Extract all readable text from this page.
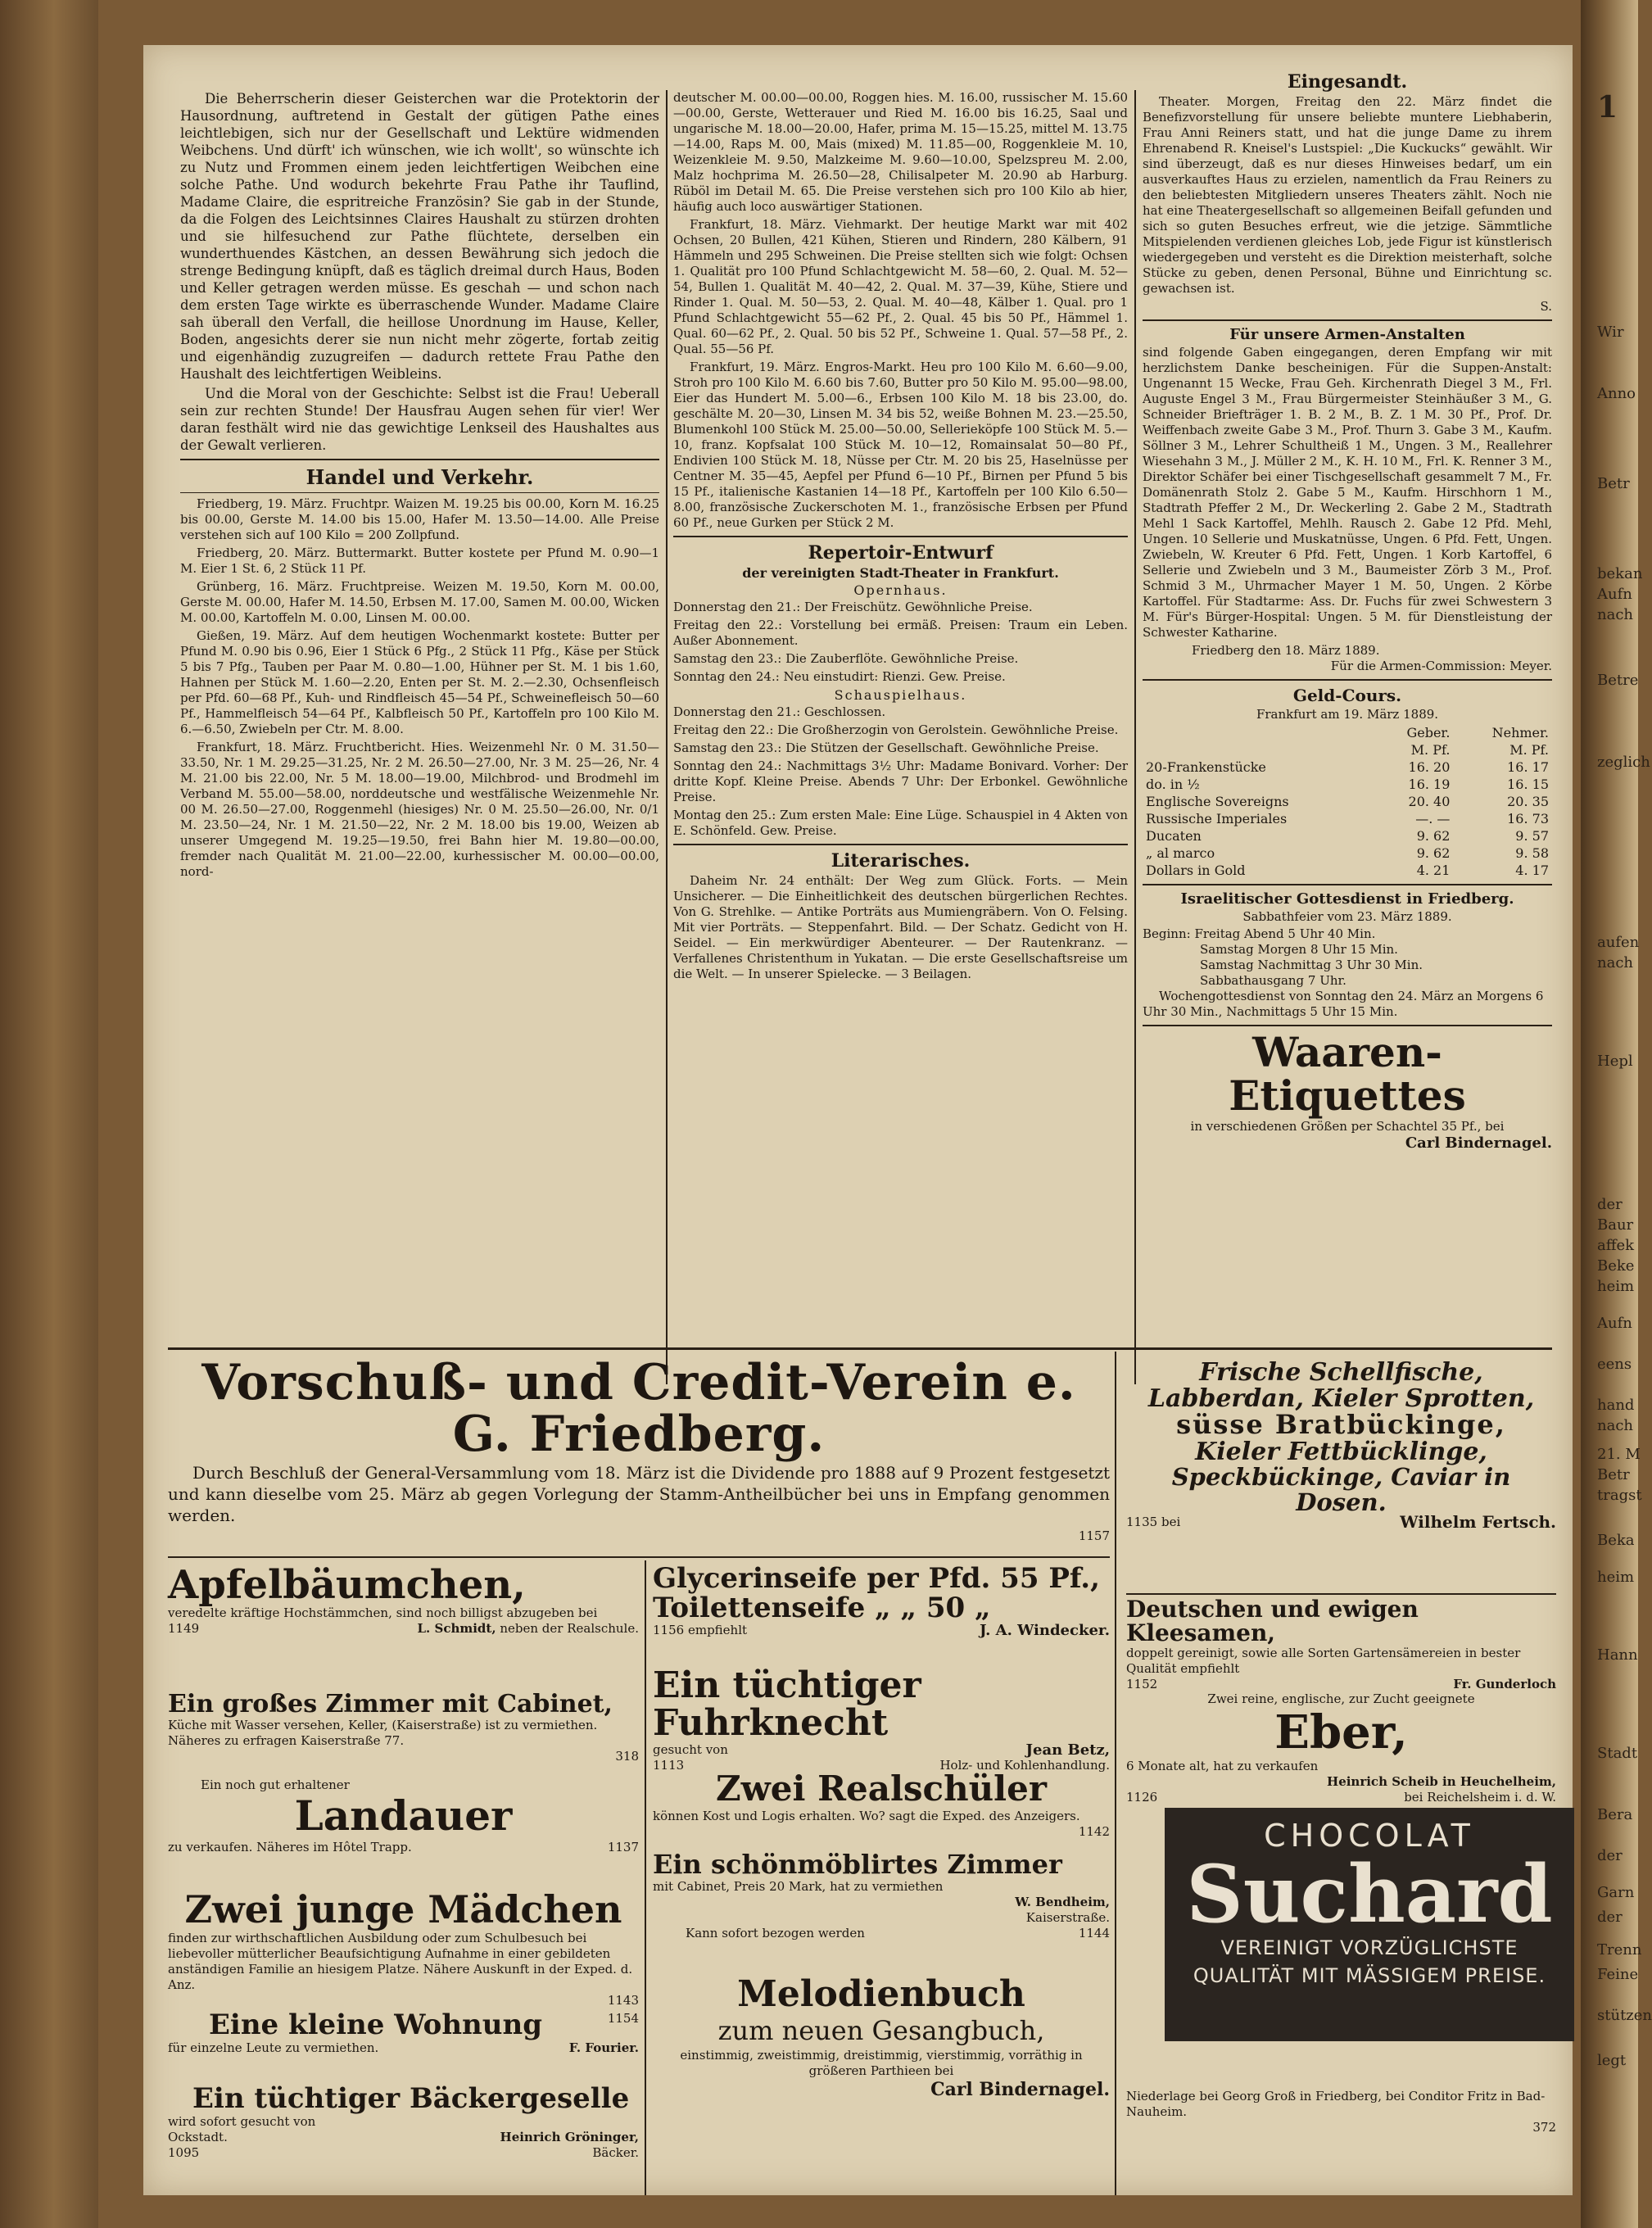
Die Beherrscherin dieser Geisterchen war die Protektorin der Hausordnung, auftretend in Gestalt der gütigen Pathe eines leichtlebigen, sich nur der Gesellschaft und Lektüre widmenden Weibchens. Und dürft' ich wünschen, wie ich wollt', so wünschte ich zu Nutz und Frommen einem jeden leichtfertigen Weibchen eine solche Pathe. Und wodurch bekehrte Frau Pathe ihr Tauflind, Madame Claire, die espritreiche Französin? Sie gab in der Stunde, da die Folgen des Leichtsinnes Claires Haushalt zu stürzen drohten und sie hilfesuchend zur Pathe flüchtete, derselben ein wunderthuendes Kästchen, an dessen Bewährung sich jedoch die strenge Bedingung knüpft, daß es täglich dreimal durch Haus, Boden und Keller getragen werden müsse. Es geschah — und schon nach dem ersten Tage wirkte es überraschende Wunder. Madame Claire sah überall den Verfall, die heillose Unordnung im Hause, Keller, Boden, angesichts derer sie nun nicht mehr zögerte, fortab zeitig und eigenhändig zuzugreifen — dadurch rettete Frau Pathe den Haushalt des leichtfertigen Weibleins.

Und die Moral von der Geschichte: Selbst ist die Frau! Ueberall sein zur rechten Stunde! Der Hausfrau Augen sehen für vier! Wer daran festhält wird nie das gewichtige Lenkseil des Haushaltes aus der Gewalt verlieren.

Handel und Verkehr.

Friedberg, 19. März. Fruchtpr. Waizen M. 19.25 bis 00.00, Korn M. 16.25 bis 00.00, Gerste M. 14.00 bis 15.00, Hafer M. 13.50—14.00. Alle Preise verstehen sich auf 100 Kilo = 200 Zollpfund.

Friedberg, 20. März. Buttermarkt. Butter kostete per Pfund M. 0.90—1 M. Eier 1 St. 6, 2 Stück 11 Pf.

Grünberg, 16. März. Fruchtpreise. Weizen M. 19.50, Korn M. 00.00, Gerste M. 00.00, Hafer M. 14.50, Erbsen M. 17.00, Samen M. 00.00, Wicken M. 00.00, Kartoffeln M. 0.00, Linsen M. 00.00.

Gießen, 19. März. Auf dem heutigen Wochenmarkt kostete: Butter per Pfund M. 0.90 bis 0.96, Eier 1 Stück 6 Pfg., 2 Stück 11 Pfg., Käse per Stück 5 bis 7 Pfg., Tauben per Paar M. 0.80—1.00, Hühner per St. M. 1 bis 1.60, Hahnen per Stück M. 1.60—2.20, Enten per St. M. 2.—2.30, Ochsenfleisch per Pfd. 60—68 Pf., Kuh- und Rindfleisch 45—54 Pf., Schweinefleisch 50—60 Pf., Hammelfleisch 54—64 Pf., Kalbfleisch 50 Pf., Kartoffeln pro 100 Kilo M. 6.—6.50, Zwiebeln per Ctr. M. 8.00.

Frankfurt, 18. März. Fruchtbericht. Hies. Weizenmehl Nr. 0 M. 31.50—33.50, Nr. 1 M. 29.25—31.25, Nr. 2 M. 26.50—27.00, Nr. 3 M. 25—26, Nr. 4 M. 21.00 bis 22.00, Nr. 5 M. 18.00—19.00, Milchbrod- und Brodmehl im Verband M. 55.00—58.00, norddeutsche und westfälische Weizenmehle Nr. 00 M. 26.50—27.00, Roggenmehl (hiesiges) Nr. 0 M. 25.50—26.00, Nr. 0/1 M. 23.50—24, Nr. 1 M. 21.50—22, Nr. 2 M. 18.00 bis 19.00, Weizen ab unserer Umgegend M. 19.25—19.50, frei Bahn hier M. 19.80—00.00, fremder nach Qualität M. 21.00—22.00, kurhessischer M. 00.00—00.00, nord-

deutscher M. 00.00—00.00, Roggen hies. M. 16.00, russischer M. 15.60—00.00, Gerste, Wetterauer und Ried M. 16.00 bis 16.25, Saal und ungarische M. 18.00—20.00, Hafer, prima M. 15—15.25, mittel M. 13.75—14.00, Raps M. 00, Mais (mixed) M. 11.85—00, Roggenkleie M. 10, Weizenkleie M. 9.50, Malzkeime M. 9.60—10.00, Spelzspreu M. 2.00, Malz hochprima M. 26.50—28, Chilisalpeter M. 20.90 ab Harburg. Rüböl im Detail M. 65. Die Preise verstehen sich pro 100 Kilo ab hier, häufig auch loco auswärtiger Stationen.

Frankfurt, 18. März. Viehmarkt. Der heutige Markt war mit 402 Ochsen, 20 Bullen, 421 Kühen, Stieren und Rindern, 280 Kälbern, 91 Hämmeln und 295 Schweinen. Die Preise stellten sich wie folgt: Ochsen 1. Qualität pro 100 Pfund Schlachtgewicht M. 58—60, 2. Qual. M. 52—54, Bullen 1. Qualität M. 40—42, 2. Qual. M. 37—39, Kühe, Stiere und Rinder 1. Qual. M. 50—53, 2. Qual. M. 40—48, Kälber 1. Qual. pro 1 Pfund Schlachtgewicht 55—62 Pf., 2. Qual. 45 bis 50 Pf., Hämmel 1. Qual. 60—62 Pf., 2. Qual. 50 bis 52 Pf., Schweine 1. Qual. 57—58 Pf., 2. Qual. 55—56 Pf.

Frankfurt, 19. März. Engros-Markt. Heu pro 100 Kilo M. 6.60—9.00, Stroh pro 100 Kilo M. 6.60 bis 7.60, Butter pro 50 Kilo M. 95.00—98.00, Eier das Hundert M. 5.00—6., Erbsen 100 Kilo M. 18 bis 23.00, do. geschälte M. 20—30, Linsen M. 34 bis 52, weiße Bohnen M. 23.—25.50, Blumenkohl 100 Stück M. 25.00—50.00, Sellerieköpfe 100 Stück M. 5.—10, franz. Kopfsalat 100 Stück M. 10—12, Romainsalat 50—80 Pf., Endivien 100 Stück M. 18, Nüsse per Ctr. M. 20 bis 25, Haselnüsse per Centner M. 35—45, Aepfel per Pfund 6—10 Pf., Birnen per Pfund 5 bis 15 Pf., italienische Kastanien 14—18 Pf., Kartoffeln per 100 Kilo 6.50—8.00, französische Zuckerschoten M. 1., französische Erbsen per Pfund 60 Pf., neue Gurken per Stück 2 M.

Repertoir-Entwurf
der vereinigten Stadt-Theater in Frankfurt.
Opernhaus.

Donnerstag den 21.: Der Freischütz. Gewöhnliche Preise.

Freitag den 22.: Vorstellung bei ermäß. Preisen: Traum ein Leben. Außer Abonnement.

Samstag den 23.: Die Zauberflöte. Gewöhnliche Preise.

Sonntag den 24.: Neu einstudirt: Rienzi. Gew. Preise.

Schauspielhaus.

Donnerstag den 21.: Geschlossen.

Freitag den 22.: Die Großherzogin von Gerolstein. Gewöhnliche Preise.

Samstag den 23.: Die Stützen der Gesellschaft. Gewöhnliche Preise.

Sonntag den 24.: Nachmittags 3½ Uhr: Madame Bonivard. Vorher: Der dritte Kopf. Kleine Preise. Abends 7 Uhr: Der Erbonkel. Gewöhnliche Preise.

Montag den 25.: Zum ersten Male: Eine Lüge. Schauspiel in 4 Akten von E. Schönfeld. Gew. Preise.

Literarisches.

Daheim Nr. 24 enthält: Der Weg zum Glück. Forts. — Mein Unsicherer. — Die Einheitlichkeit des deutschen bürgerlichen Rechtes. Von G. Strehlke. — Antike Porträts aus Mumiengräbern. Von O. Felsing. Mit vier Porträts. — Steppenfahrt. Bild. — Der Schatz. Gedicht von H. Seidel. — Ein merkwürdiger Abenteurer. — Der Rautenkranz. — Verfallenes Christenthum in Yukatan. — Die erste Gesellschaftsreise um die Welt. — In unserer Spielecke. — 3 Beilagen.

Eingesandt.

Theater. Morgen, Freitag den 22. März findet die Benefizvorstellung für unsere beliebte muntere Liebhaberin, Frau Anni Reiners statt, und hat die junge Dame zu ihrem Ehrenabend R. Kneisel's Lustspiel: „Die Kuckucks“ gewählt. Wir sind überzeugt, daß es nur dieses Hinweises bedarf, um ein ausverkauftes Haus zu erzielen, namentlich da Frau Reiners zu den beliebtesten Mitgliedern unseres Theaters zählt. Noch nie hat eine Theatergesellschaft so allgemeinen Beifall gefunden und sich so guten Besuches erfreut, wie die jetzige. Sämmtliche Mitspielenden verdienen gleiches Lob, jede Figur ist künstlerisch wiedergegeben und versteht es die Direktion meisterhaft, solche Stücke zu geben, denen Personal, Bühne und Einrichtung sc. gewachsen ist.

S.
Für unsere Armen-Anstalten

sind folgende Gaben eingegangen, deren Empfang wir mit herzlichstem Danke bescheinigen. Für die Suppen-Anstalt: Ungenannt 15 Wecke, Frau Geh. Kirchenrath Diegel 3 M., Frl. Auguste Engel 3 M., Frau Bürgermeister Steinhäußer 3 M., G. Schneider Briefträger 1. B. 2 M., B. Z. 1 M. 30 Pf., Prof. Dr. Weiffenbach zweite Gabe 3 M., Prof. Thurn 3. Gabe 3 M., Kaufm. Söllner 3 M., Lehrer Schultheiß 1 M., Ungen. 3 M., Reallehrer Wiesehahn 3 M., J. Müller 2 M., K. H. 10 M., Frl. K. Renner 3 M., Direktor Schäfer bei einer Tischgesellschaft gesammelt 7 M., Fr. Domänenrath Stolz 2. Gabe 5 M., Kaufm. Hirschhorn 1 M., Stadtrath Pfeffer 2 M., Dr. Weckerling 2. Gabe 2 M., Stadtrath Mehl 1 Sack Kartoffel, Mehlh. Rausch 2. Gabe 12 Pfd. Mehl, Ungen. 10 Sellerie und Muskatnüsse, Ungen. 6 Pfd. Fett, Ungen. Zwiebeln, W. Kreuter 6 Pfd. Fett, Ungen. 1 Korb Kartoffel, 6 Sellerie und Zwiebeln und 3 M., Baumeister Zörb 3 M., Prof. Schmid 3 M., Uhrmacher Mayer 1 M. 50, Ungen. 2 Körbe Kartoffel. Für Stadtarme: Ass. Dr. Fuchs für zwei Schwestern 3 M. Für's Bürger-Hospital: Ungen. 5 M. für Dienstleistung der Schwester Katharine.

Friedberg den 18. März 1889.
Für die Armen-Commission: Meyer.
Geld-Cours.
Frankfurt am 19. März 1889.
	Geber.	Nehmer.
	M. Pf.	M. Pf.
20-Frankenstücke	16. 20	16. 17
do. in ½	16. 19	16. 15
Englische Sovereigns	20. 40	20. 35
Russische Imperiales	—. —	16. 73
Ducaten	9. 62	9. 57
„ al marco	9. 62	9. 58
Dollars in Gold	4. 21	4. 17
Israelitischer Gottesdienst in Friedberg.
Sabbathfeier vom 23. März 1889.
Beginn: Freitag Abend 5 Uhr 40 Min.
Samstag Morgen 8 Uhr 15 Min.
Samstag Nachmittag 3 Uhr 30 Min.
Sabbathausgang 7 Uhr.
Wochengottesdienst von Sonntag den 24. März an Morgens 6 Uhr 30 Min., Nachmittags 5 Uhr 15 Min.
Waaren-Etiquettes
in verschiedenen Größen per Schachtel 35 Pf., bei
Carl Bindernagel.
Vorschuß- und Credit-Verein e. G. Friedberg.

Durch Beschluß der General-Versammlung vom 18. März ist die Dividende pro 1888 auf 9 Prozent festgesetzt und kann dieselbe vom 25. März ab gegen Vorlegung der Stamm-Antheilbücher bei uns in Empfang genommen werden.

1157
Apfelbäumchen,
veredelte kräftige Hochstämmchen, sind noch billigst abzugeben bei
1149	L. Schmidt, neben der Realschule.
Ein großes Zimmer mit Cabinet,
Küche mit Wasser versehen, Keller, (Kaiserstraße) ist zu vermiethen. Näheres zu erfragen Kaiserstraße 77.
318
Ein noch gut erhaltener
Landauer
zu verkaufen. Näheres im Hôtel Trapp.	1137
Zwei junge Mädchen
finden zur wirthschaftlichen Ausbildung oder zum Schulbesuch bei liebevoller mütterlicher Beaufsichtigung Aufnahme in einer gebildeten anständigen Familie an hiesigem Platze. Nähere Auskunft in der Exped. d. Anz.
1143
Eine kleine Wohnung	1154
für einzelne Leute zu vermiethen.	F. Fourier.
Ein tüchtiger Bäckergeselle
wird sofort gesucht von
Ockstadt.	Heinrich Gröninger,
1095	Bäcker.
Glycerinseife per Pfd. 55 Pf.,
Toilettenseife „ „ 50 „
1156 empfiehlt	J. A. Windecker.
Ein tüchtiger Fuhrknecht
gesucht von	Jean Betz,
1113	Holz- und Kohlenhandlung.
Zwei Realschüler
können Kost und Logis erhalten. Wo? sagt die Exped. des Anzeigers.
1142
Ein schönmöblirtes Zimmer
mit Cabinet, Preis 20 Mark, hat zu vermiethen
W. Bendheim,
Kaiserstraße.
Kann sofort bezogen werden	1144
Melodienbuch
zum neuen Gesangbuch,
einstimmig, zweistimmig, dreistimmig, vierstimmig, vorräthig in größeren Parthieen bei
Carl Bindernagel.
Frische Schellfische,
Labberdan, Kieler Sprotten,
süsse Bratbückinge,
Kieler Fettbücklinge,
Speckbückinge, Caviar in Dosen.
1135 bei	Wilhelm Fertsch.
Deutschen und ewigen Kleesamen,
doppelt gereinigt, sowie alle Sorten Gartensämereien in bester Qualität empfiehlt
1152	Fr. Gunderloch
Zwei reine, englische, zur Zucht geeignete
Eber,
6 Monate alt, hat zu verkaufen
Heinrich Scheib in Heuchelheim,
1126	bei Reichelsheim i. d. W.
Niederlage bei Georg Groß in Friedberg, bei Conditor Fritz in Bad-Nauheim.
372
CHOCOLAT
Suchard
VEREINIGT VORZÜGLICHSTE
QUALITÄT MIT MÄSSIGEM PREISE.
1
Wir
Anno
Betr
bekan
Aufn
nach
Betre
zeglich
aufen
nach
Hepl
der
Baur
affek
Beke
heim
Aufn
eens
hand
nach
21. M
Betr
tragst
Beka
heim
Hann
Stadt
Bera
der
Garn
der
Trenn
Feine
stützen
legt
